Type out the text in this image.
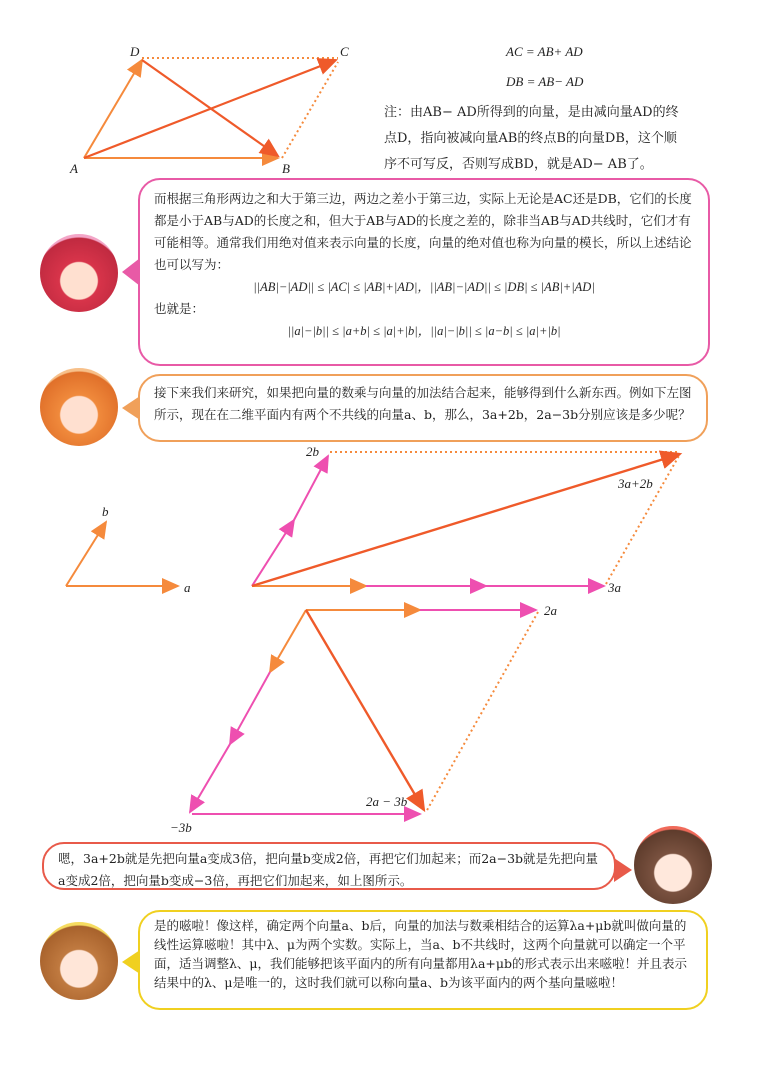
A	B
C
D
b
a
2b
3a+2b
3a
2a
2a − 3b
−3b
AC = AB+ AD
DB = AB− AD
注：由AB− AD所得到的向量，是由减向量AD的终点D，指向被减向量AB的终点B的向量DB，这个顺序不可写反，否则写成BD，就是AD− AB了。
而根据三角形两边之和大于第三边，两边之差小于第三边，实际上无论是AC还是DB，它们的长度都是小于AB与AD的长度之和，但大于AB与AD的长度之差的，除非当AB与AD共线时，它们才有可能相等。通常我们用绝对值来表示向量的长度，向量的绝对值也称为向量的模长，所以上述结论也可以写为：
||AB|−|AD|| ≤ |AC| ≤ |AB|+|AD|，||AB|−|AD|| ≤ |DB| ≤ |AB|+|AD|
也就是：
||a|−|b|| ≤ |a+b| ≤ |a|+|b|，||a|−|b|| ≤ |a−b| ≤ |a|+|b|
接下来我们来研究，如果把向量的数乘与向量的加法结合起来，能够得到什么新东西。例如下左图所示，现在在二维平面内有两个不共线的向量a、b，那么，3a+2b，2a−3b分别应该是多少呢？
嗯，3a+2b就是先把向量a变成3倍，把向量b变成2倍，再把它们加起来；而2a−3b就是先把向量a变成2倍，把向量b变成−3倍，再把它们加起来，如上图所示。
是的嗞啦！像这样，确定两个向量a、b后，向量的加法与数乘相结合的运算λa+μb就叫做向量的线性运算嗞啦！其中λ、μ为两个实数。实际上，当a、b不共线时，这两个向量就可以确定一个平面，适当调整λ、μ，我们能够把该平面内的所有向量都用λa+μb的形式表示出来嗞啦！并且表示结果中的λ、μ是唯一的，这时我们就可以称向量a、b为该平面内的两个基向量嗞啦！
